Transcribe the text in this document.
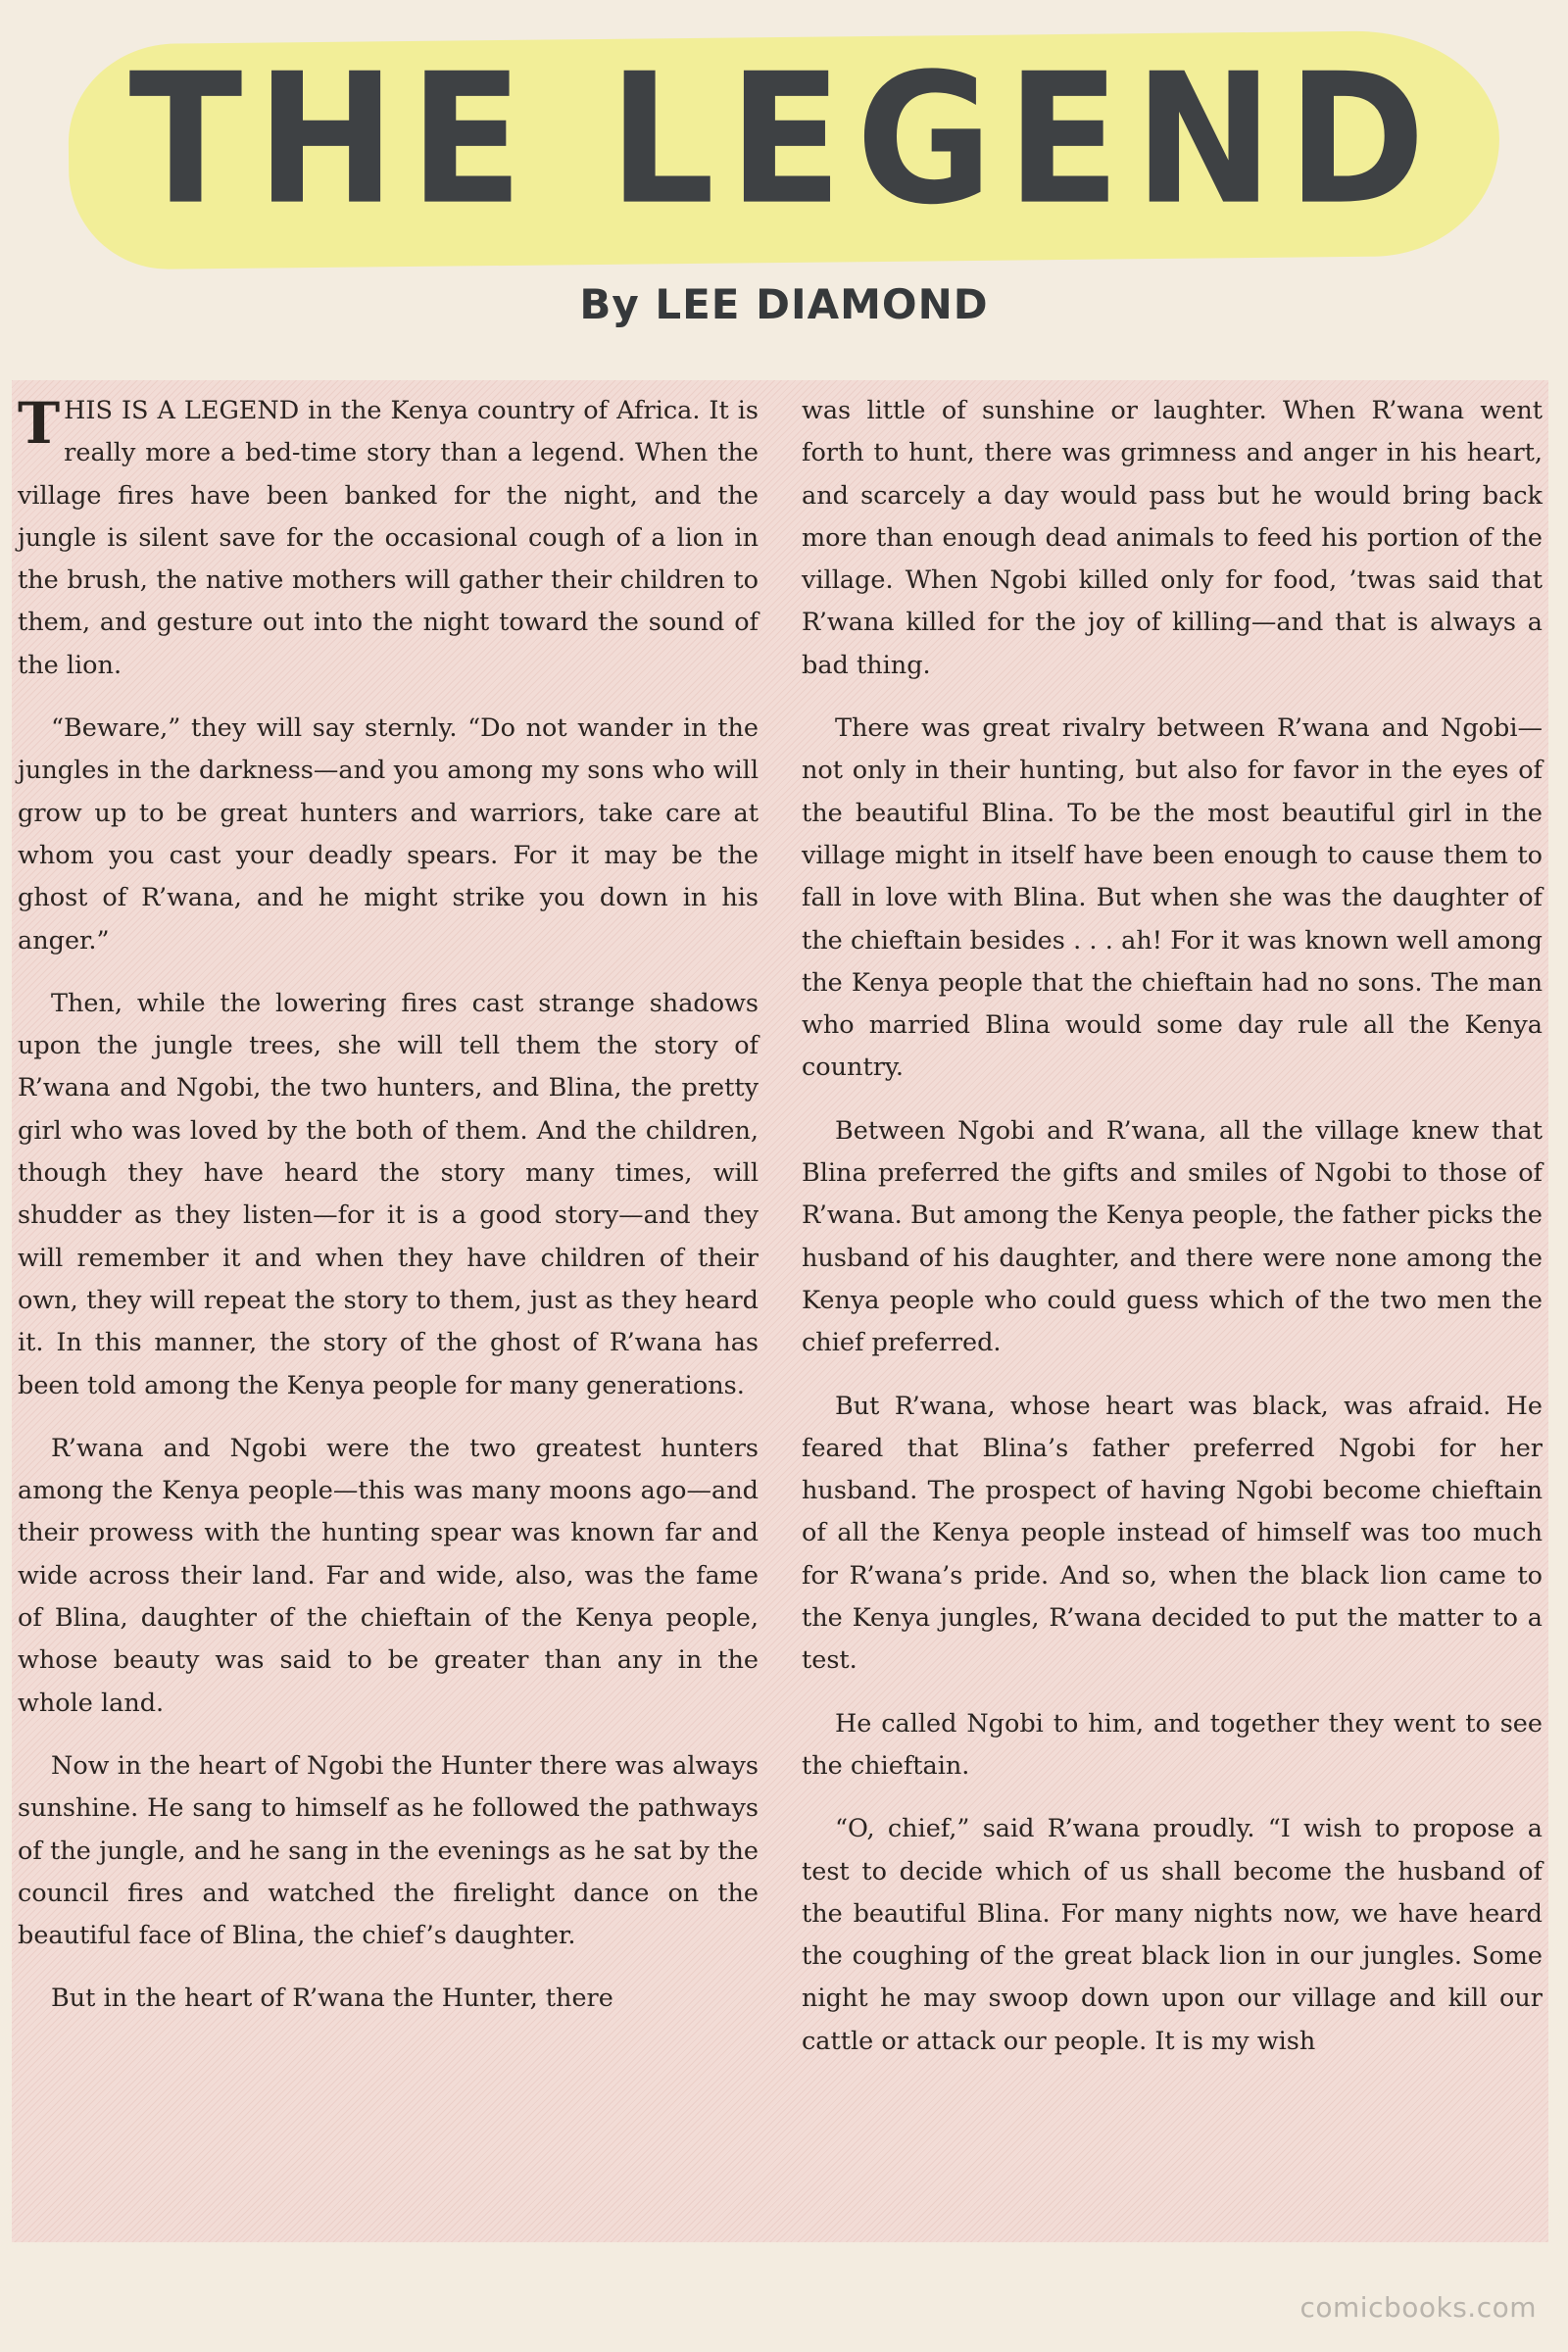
THE LEGEND
By LEE DIAMOND

THIS IS A LEGEND in the Kenya country of Africa. It is really more a bed-time story than a legend. When the village fires have been banked for the night, and the jungle is silent save for the occasional cough of a lion in the brush, the native mothers will gather their children to them, and gesture out into the night toward the sound of the lion.

“Beware,” they will say sternly. “Do not wander in the jungles in the darkness—and you among my sons who will grow up to be great hunters and warriors, take care at whom you cast your deadly spears. For it may be the ghost of R’wana, and he might strike you down in his anger.”

Then, while the lowering fires cast strange shadows upon the jungle trees, she will tell them the story of R’wana and Ngobi, the two hunters, and Blina, the pretty girl who was loved by the both of them. And the children, though they have heard the story many times, will shudder as they listen—for it is a good story—and they will remember it and when they have children of their own, they will repeat the story to them, just as they heard it. In this manner, the story of the ghost of R’wana has been told among the Kenya people for many generations.

R’wana and Ngobi were the two greatest hunters among the Kenya people—this was many moons ago—and their prowess with the hunting spear was known far and wide across their land. Far and wide, also, was the fame of Blina, daughter of the chieftain of the Kenya people, whose beauty was said to be greater than any in the whole land.

Now in the heart of Ngobi the Hunter there was always sunshine. He sang to himself as he followed the pathways of the jungle, and he sang in the evenings as he sat by the council fires and watched the firelight dance on the beautiful face of Blina, the chief’s daughter.

But in the heart of R’wana the Hunter, there

was little of sunshine or laughter. When R’wana went forth to hunt, there was grimness and anger in his heart, and scarcely a day would pass but he would bring back more than enough dead animals to feed his portion of the village. When Ngobi killed only for food, ’twas said that R’wana killed for the joy of killing—and that is always a bad thing.

There was great rivalry between R’wana and Ngobi—not only in their hunting, but also for favor in the eyes of the beautiful Blina. To be the most beautiful girl in the village might in itself have been enough to cause them to fall in love with Blina. But when she was the daughter of the chieftain besides . . . ah! For it was known well among the Kenya people that the chieftain had no sons. The man who married Blina would some day rule all the Kenya country.

Between Ngobi and R’wana, all the village knew that Blina preferred the gifts and smiles of Ngobi to those of R’wana. But among the Kenya people, the father picks the husband of his daughter, and there were none among the Kenya people who could guess which of the two men the chief preferred.

But R’wana, whose heart was black, was afraid. He feared that Blina’s father preferred Ngobi for her husband. The prospect of having Ngobi become chieftain of all the Kenya people instead of himself was too much for R’wana’s pride. And so, when the black lion came to the Kenya jungles, R’wana decided to put the matter to a test.

He called Ngobi to him, and together they went to see the chieftain.

“O, chief,” said R’wana proudly. “I wish to propose a test to decide which of us shall become the husband of the beautiful Blina. For many nights now, we have heard the coughing of the great black lion in our jungles. Some night he may swoop down upon our village and kill our cattle or attack our people. It is my wish

comicbooks.com
